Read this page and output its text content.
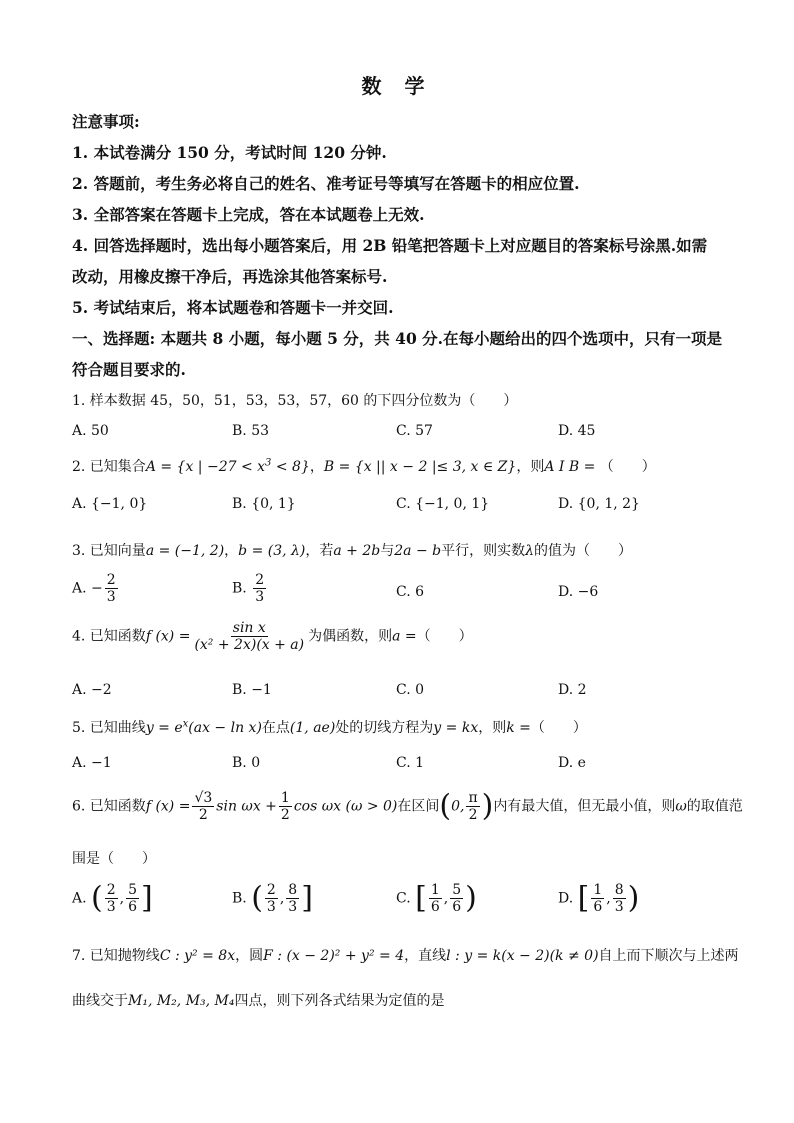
数 学
注意事项:
1. 本试卷满分 150 分，考试时间 120 分钟.
2. 答题前，考生务必将自己的姓名、准考证号等填写在答题卡的相应位置.
3. 全部答案在答题卡上完成，答在本试题卷上无效.
4. 回答选择题时，选出每小题答案后，用 2B 铅笔把答题卡上对应题目的答案标号涂黑.如需
改动，用橡皮擦干净后，再选涂其他答案标号.
5. 考试结束后，将本试题卷和答题卡一并交回.
一、选择题: 本题共 8 小题，每小题 5 分，共 40 分.在每小题给出的四个选项中，只有一项是
符合题目要求的.
1. 样本数据 45，50，51，53，53，57，60 的下四分位数为（　　）
A. 50	B. 53	C. 57	D. 45
2. 已知集合A = {x | $-27 < x^3 < 8$}，B = {x || x − 2 |≤ 3, x ∈ Z}，则A I B = （　　）
A. {−1, 0}	B. {0, 1}	C. {−1, 0, 1}	D. {0, 1, 2}
3. 已知向量a = (−1, 2)，b = (3, λ)，若a + 2b与2a − b平行，则实数λ的值为（　　）
A. − $\frac{2}{3}$	B. $\frac{2}{3}$	C. 6	D. −6
4. 已知函数f $(x) = \frac{\text{sin x}}{\text{(x² + 2x)(x + a)}}$ 为偶函数，则a =（　　）
A. −2	B. −1	C. 0	D. 2
5. 已知曲线$y = e^x(ax - \ln x)$在点(1, ae)处的切线方程为y = kx，则k =（　　）
A. −1	B. 0	C. 1	D. e
6. 已知函数f $(x) = \frac{√3}{2}$ $\sin \omega x + \frac{1}{2}$ cos ωx (ω > 0)在区间(0, $\frac{\pi}{2}$ )内有最大值，但无最小值，则ω的取值范
围是（　　）
A. ( $\frac{2}{3}$ , $\frac{5}{6}$ ]	B. ( $\frac{2}{3}$ , $\frac{8}{3}$ ]	C. [ $\frac{1}{6}$ , $\frac{5}{6}$ )	D. [ $\frac{1}{6}$ , $\frac{8}{3}$ )
7. 已知抛物线C : y² = 8x，圆F : (x − 2)² + y² = 4，直线l : y = k(x − 2)(k ≠ 0)自上而下顺次与上述两
曲线交于M₁, M₂, M₃, M₄四点，则下列各式结果为定值的是
